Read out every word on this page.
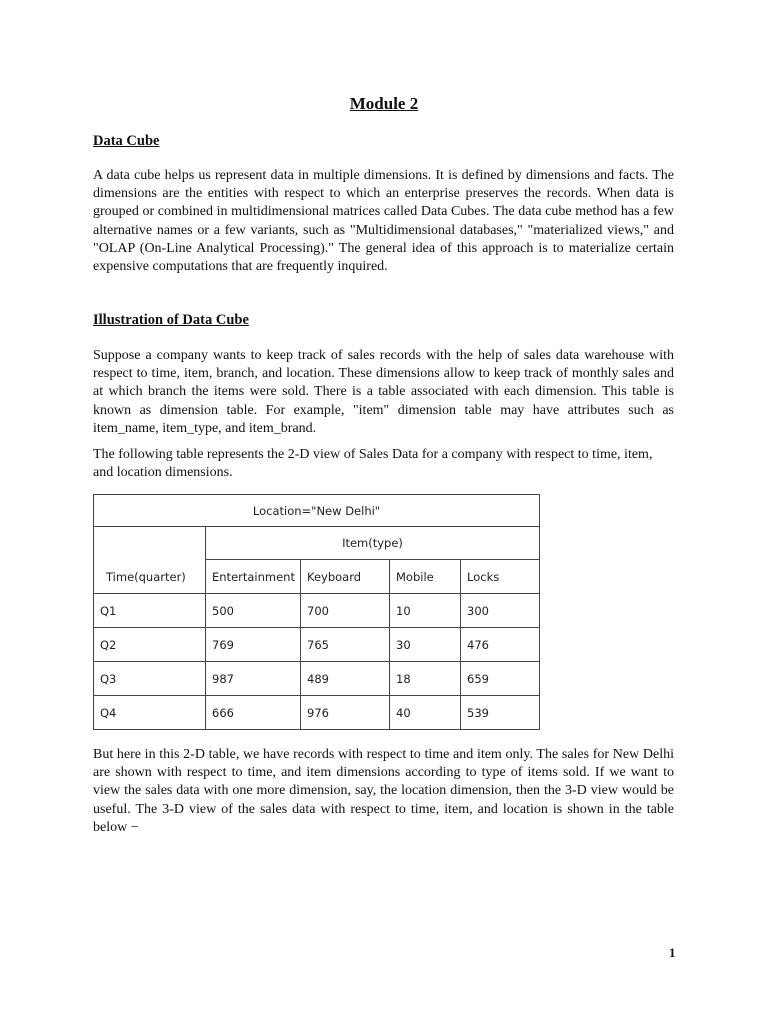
Module 2
Data Cube

A data cube helps us represent data in multiple dimensions. It is defined by dimensions and facts. The dimensions are the entities with respect to which an enterprise preserves the records. When data is grouped or combined in multidimensional matrices called Data Cubes. The data cube method has a few alternative names or a few variants, such as "Multidimensional databases," "materialized views," and "OLAP (On-Line Analytical Processing)." The general idea of this approach is to materialize certain expensive computations that are frequently inquired.

Illustration of Data Cube

Suppose a company wants to keep track of sales records with the help of sales data warehouse with respect to time, item, branch, and location. These dimensions allow to keep track of monthly sales and at which branch the items were sold. There is a table associated with each dimension. This table is known as dimension table. For example, "item" dimension table may have attributes such as item_name, item_type, and item_brand.

The following table represents the 2-D view of Sales Data for a company with respect to time, item, and location dimensions.

Location="New Delhi"				
Time(quarter)	Item(type)			
	Entertainment	Keyboard	Mobile	Locks
Q1	500	700	10	300
Q2	769	765	30	476
Q3	987	489	18	659
Q4	666	976	40	539

But here in this 2-D table, we have records with respect to time and item only. The sales for New Delhi are shown with respect to time, and item dimensions according to type of items sold. If we want to view the sales data with one more dimension, say, the location dimension, then the 3-D view would be useful. The 3-D view of the sales data with respect to time, item, and location is shown in the table below −

1
